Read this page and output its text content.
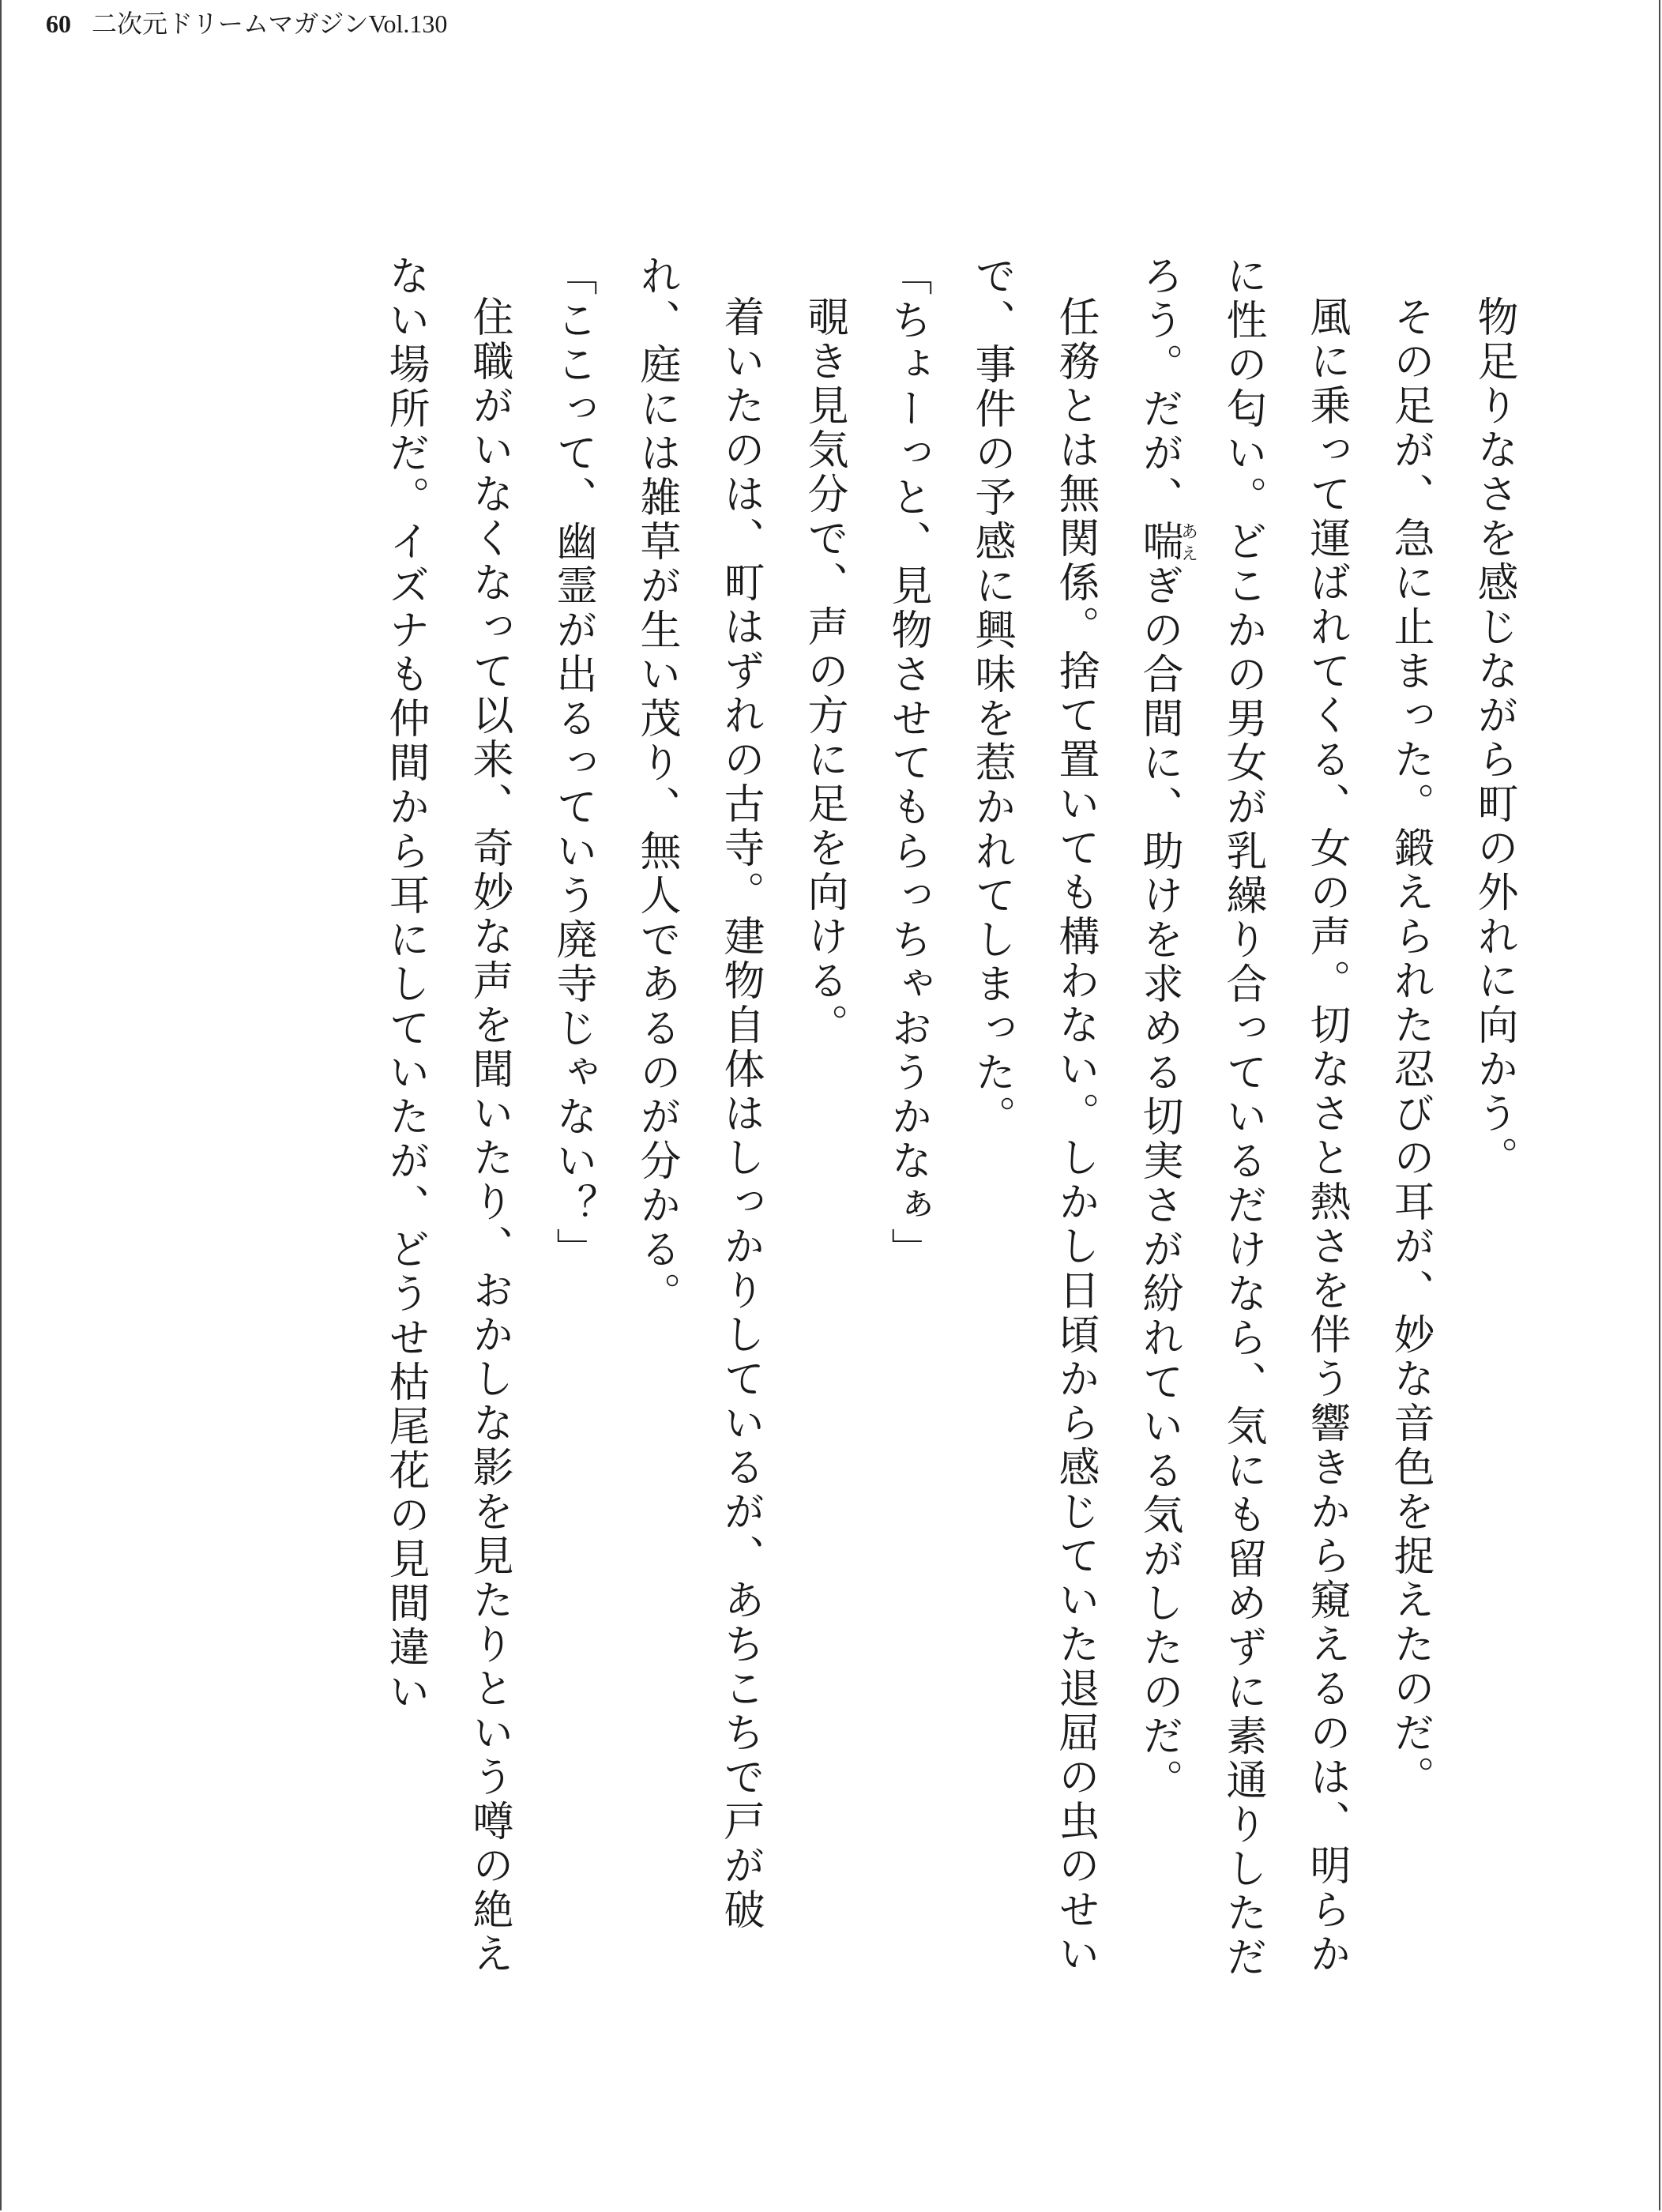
60 二次元ドリームマガジンVol.130

物足りなさを感じながら町の外れに向かう。

その足が、急に止まった。鍛えられた忍びの耳が、妙な音色を捉えたのだ。

風に乗って運ばれてくる、女の声。切なさと熱さを伴う響きから窺えるのは、明らかに性の匂い。どこかの男女が乳繰り合っているだけなら、気にも留めずに素通りしただろう。だが、喘あえぎの合間に、助けを求める切実さが紛れている気がしたのだ。

任務とは無関係。捨て置いても構わない。しかし日頃から感じていた退屈の虫のせいで、事件の予感に興味を惹かれてしまった。

「ちょーっと、見物させてもらっちゃおうかなぁ」

覗き見気分で、声の方に足を向ける。

着いたのは、町はずれの古寺。建物自体はしっかりしているが、あちこちで戸が破れ、庭には雑草が生い茂り、無人であるのが分かる。

「ここって、幽霊が出るっていう廃寺じゃない？」

住職がいなくなって以来、奇妙な声を聞いたり、おかしな影を見たりという噂の絶えない場所だ。イズナも仲間から耳にしていたが、どうせ枯尾花の見間違い
